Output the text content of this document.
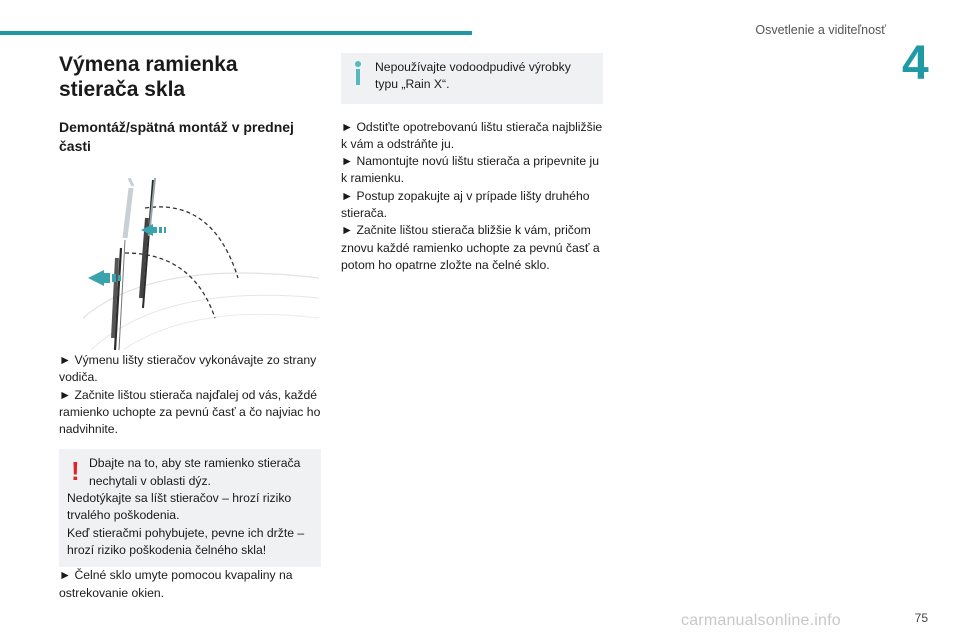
Osvetlenie a viditeľnosť
4
Výmena ramienka stierača skla
Demontáž/spätná montáž v prednej časti

► Výmenu lišty stieračov vykonávajte zo strany vodiča.

► Začnite lištou stierača najďalej od vás, každé ramienko uchopte za pevnú časť a čo najviac ho nadvihnite.

! Dbajte na to, aby ste ramienko stierača nechytali v oblasti dýz.
Nedotýkajte sa líšt stieračov – hrozí riziko trvalého poškodenia.
Keď stieračmi pohybujete, pevne ich držte – hrozí riziko poškodenia čelného skla!

► Čelné sklo umyte pomocou kvapaliny na ostrekovanie okien.

Nepoužívajte vodoodpudivé výrobky typu „Rain X“.

► Odstiťte opotrebovanú lištu stierača najbližšie k vám a odstráňte ju.

► Namontujte novú lištu stierača a pripevnite ju k ramienku.

► Postup zopakujte aj v prípade lišty druhého stierača.

► Začnite lištou stierača bližšie k vám, pričom znovu každé ramienko uchopte za pevnú časť a potom ho opatrne zložte na čelné sklo.

carmanualsonline.info	75
